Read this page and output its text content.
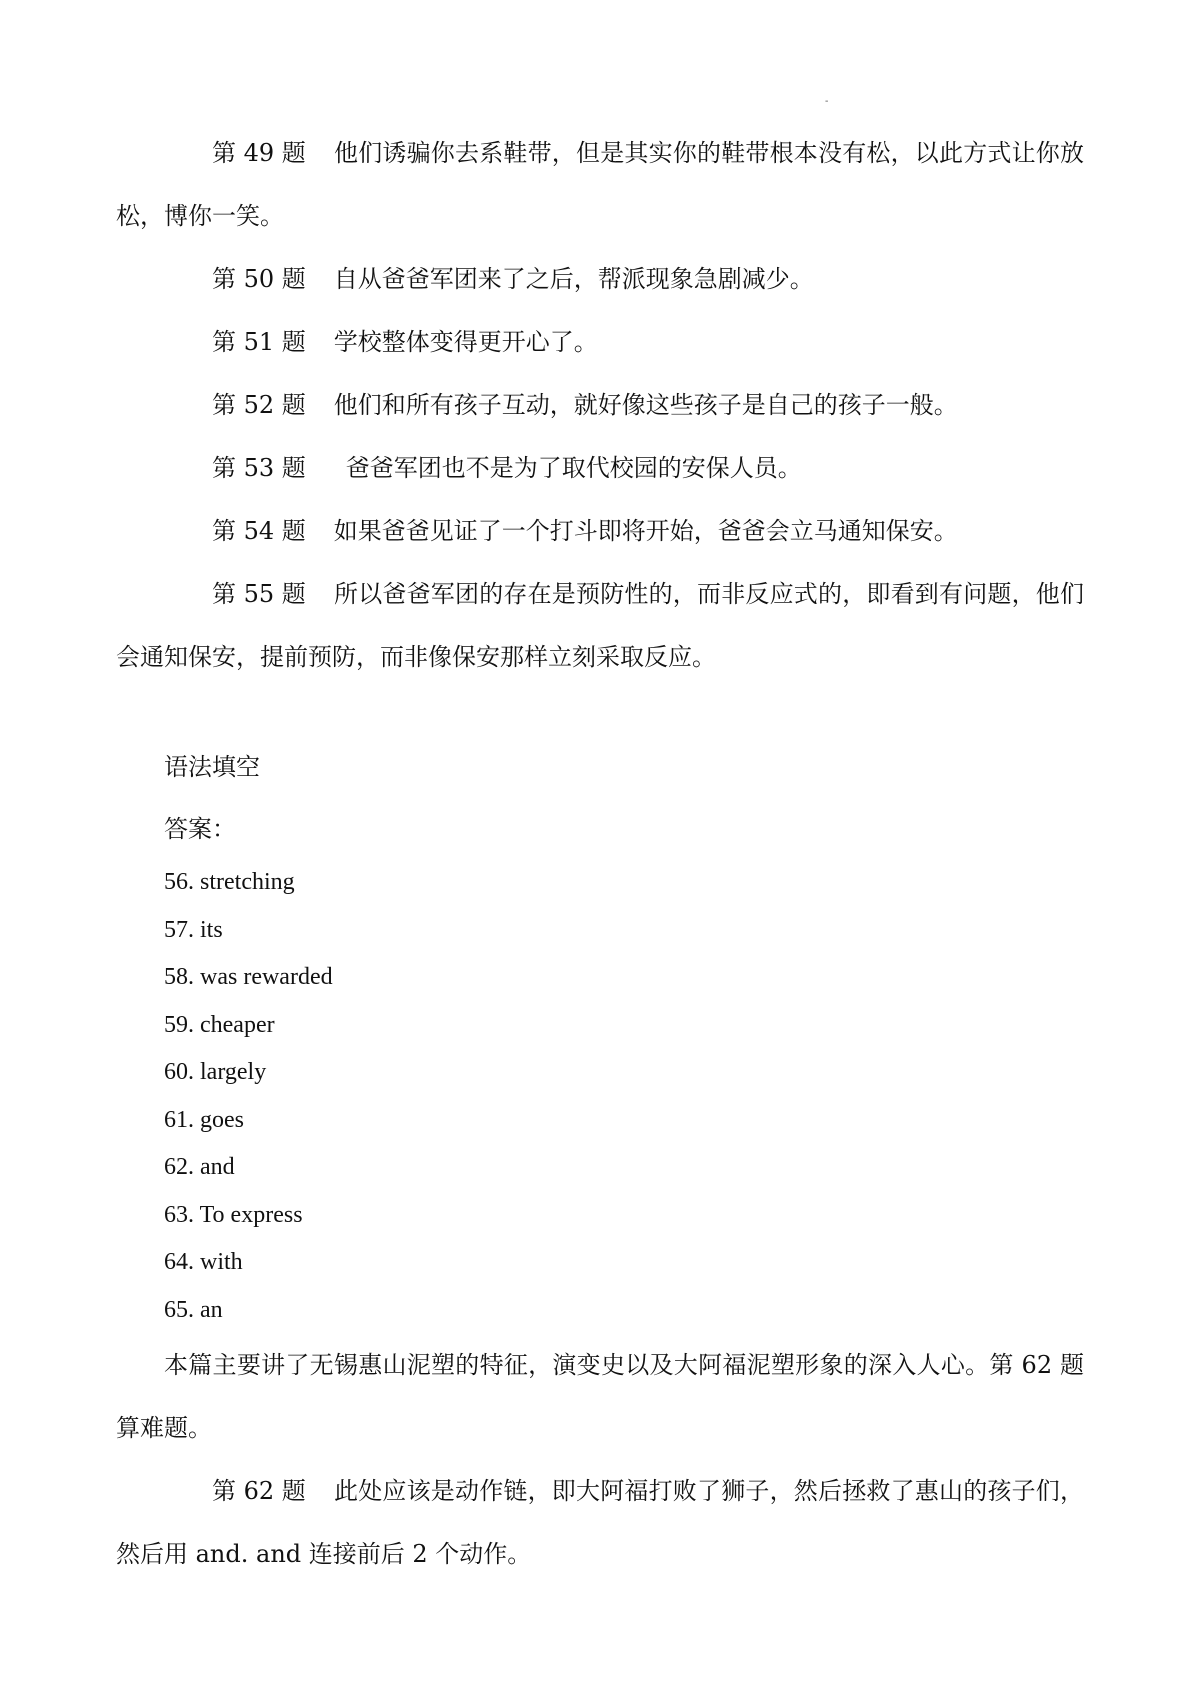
-

第 49 题 他们诱骗你去系鞋带，但是其实你的鞋带根本没有松，以此方式让你放松，博你一笑。

第 50 题 自从爸爸军团来了之后，帮派现象急剧减少。

第 51 题 学校整体变得更开心了。

第 52 题 他们和所有孩子互动，就好像这些孩子是自己的孩子一般。

第 53 题 爸爸军团也不是为了取代校园的安保人员。

第 54 题 如果爸爸见证了一个打斗即将开始，爸爸会立马通知保安。

第 55 题 所以爸爸军团的存在是预防性的，而非反应式的，即看到有问题，他们会通知保安，提前预防，而非像保安那样立刻采取反应。

语法填空

答案：

56. stretching
57. its
58. was rewarded
59. cheaper
60. largely
61. goes
62. and
63. To express
64. with
65. an

本篇主要讲了无锡惠山泥塑的特征，演变史以及大阿福泥塑形象的深入人心。第 62 题算难题。

第 62 题 此处应该是动作链，即大阿福打败了狮子，然后拯救了惠山的孩子们，然后用 and. and 连接前后 2 个动作。
